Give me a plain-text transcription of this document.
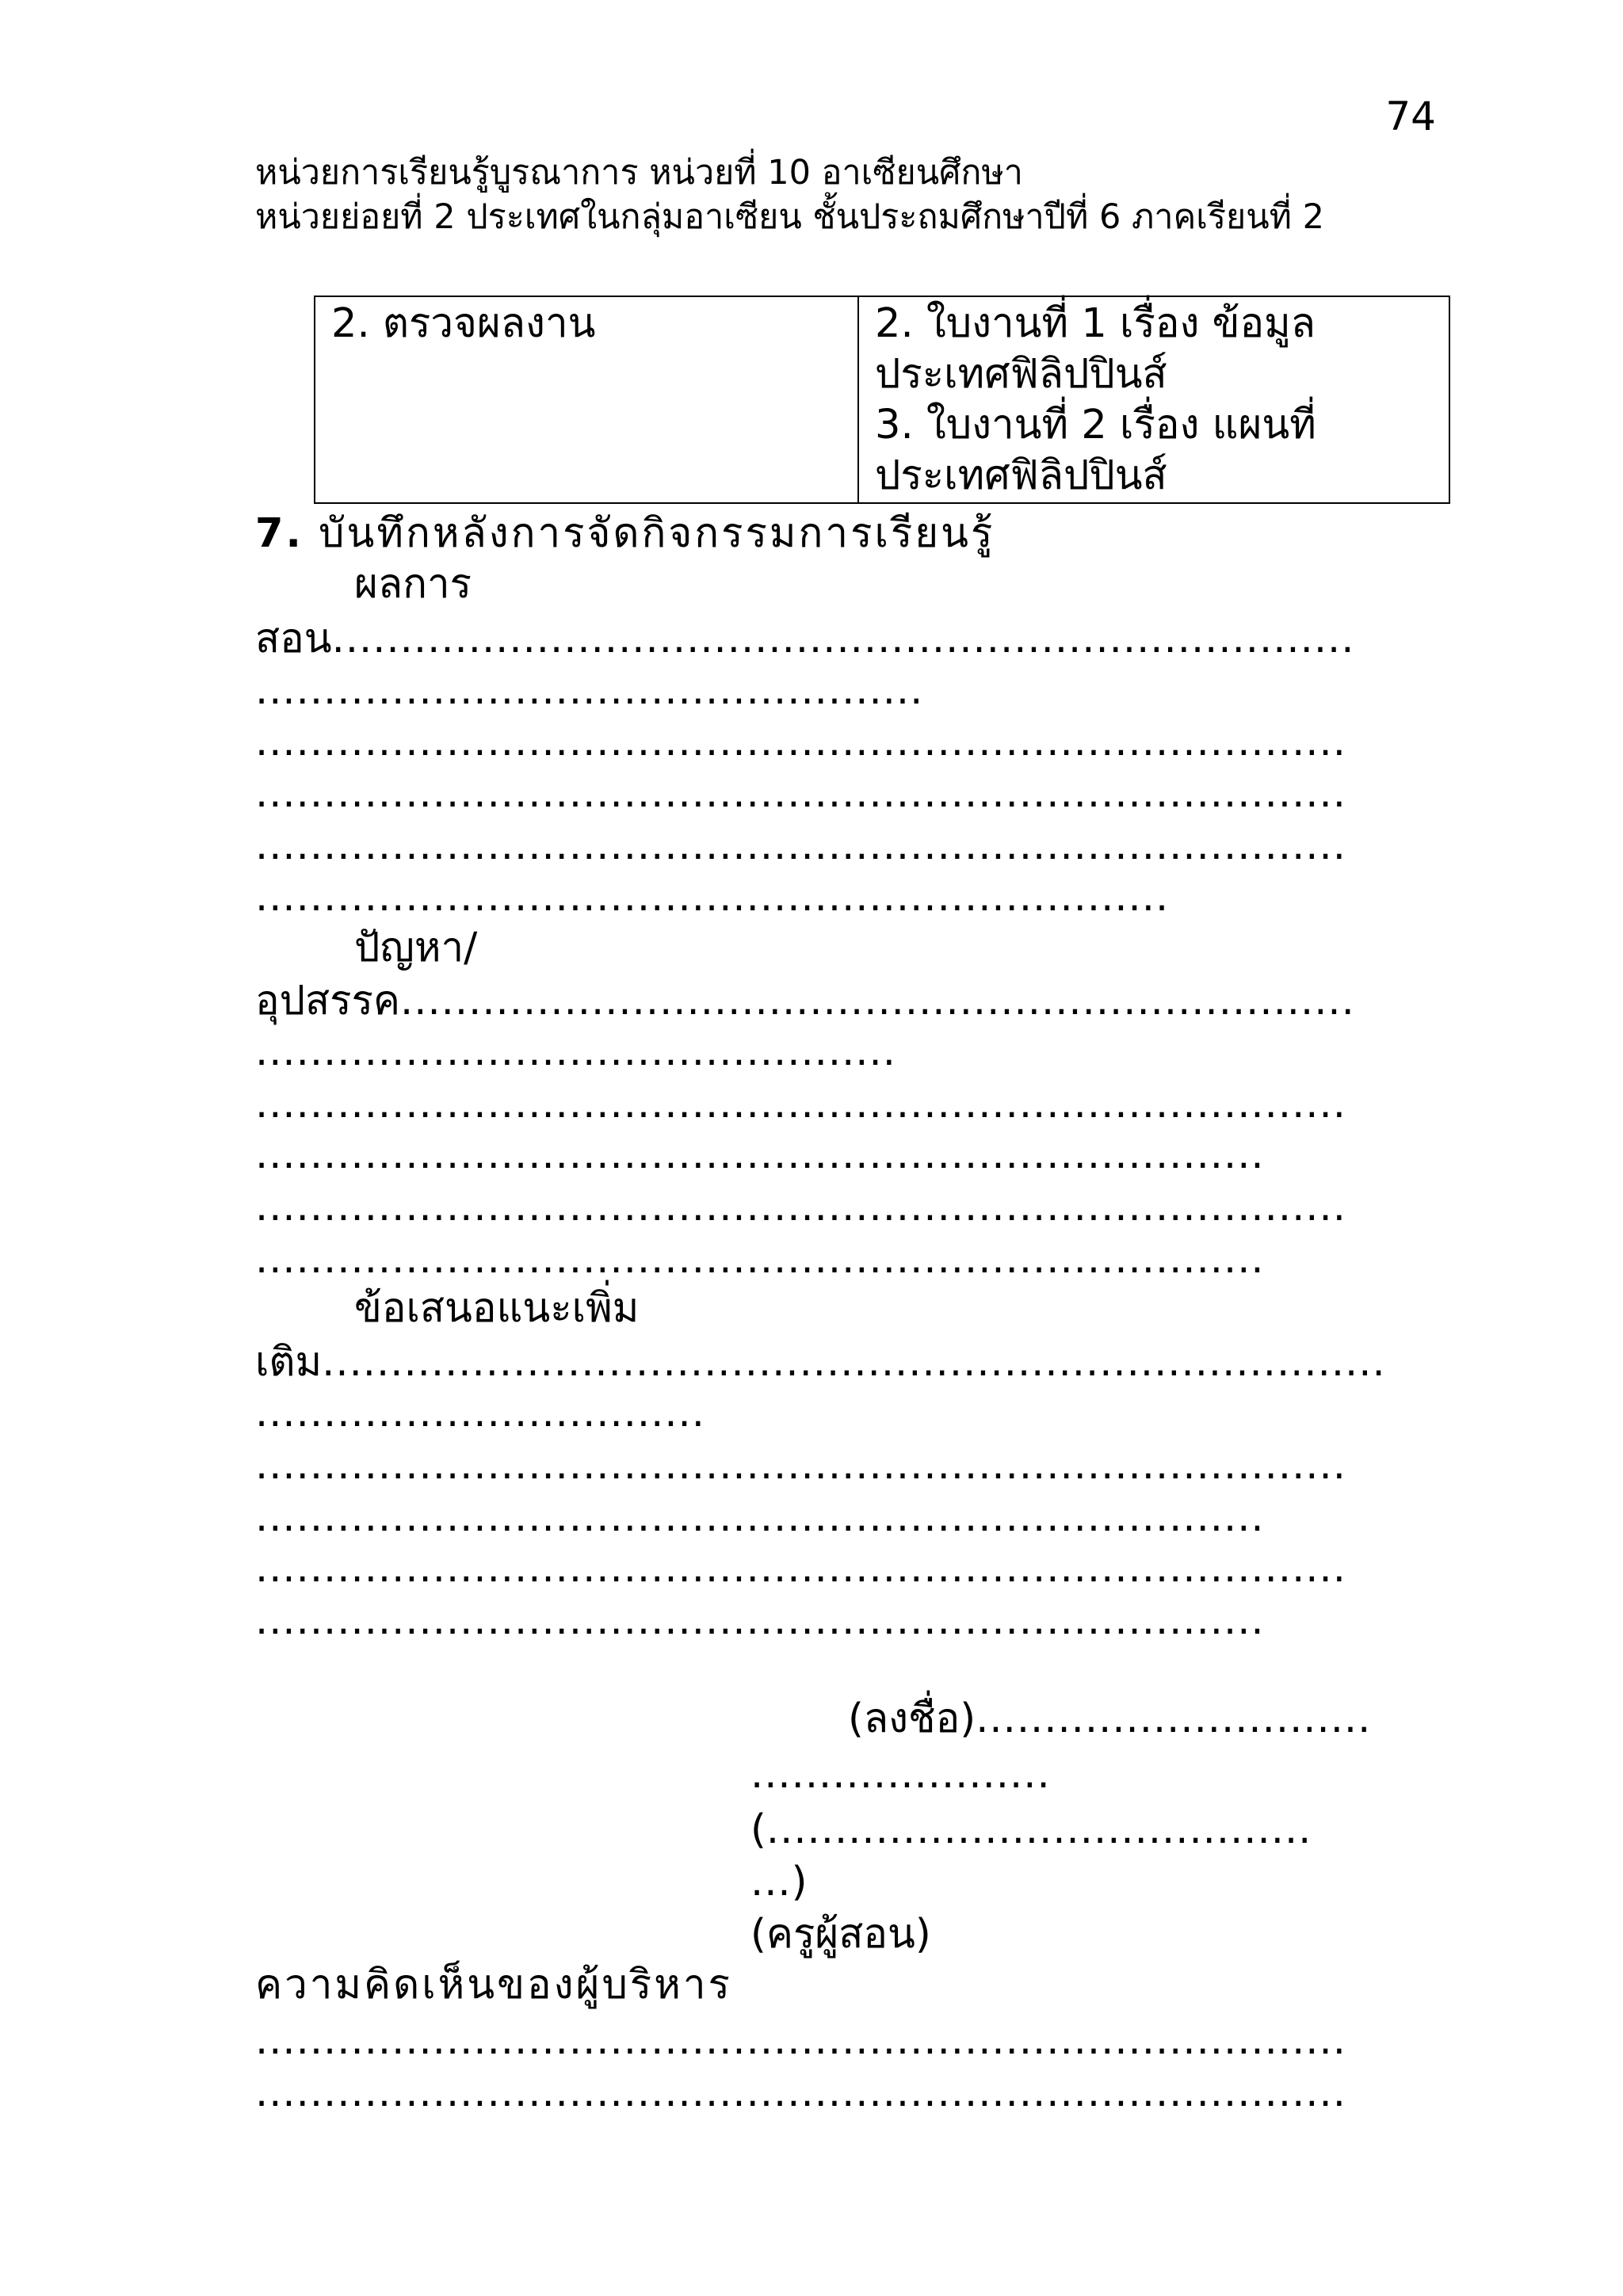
74
หน่วยการเรียนรู้บูรณาการ หน่วยที่ 10 อาเซียนศึกษา
หน่วยย่อยที่ 2 ประเทศในกลุ่มอาเซียน ชั้นประถมศึกษาปีที่ 6 ภาคเรียนที่ 2
2. ตรวจผลงาน	2. ใบงานที่ 1 เรื่อง ข้อมูล
ประเทศฟิลิปปินส์
3. ใบงานที่ 2 เรื่อง แผนที่
ประเทศฟิลิปปินส์
7. บันทึกหลังการจัดกิจกรรมการเรียนรู้
ผลการ
สอน...........................................................................
.................................................
................................................................................
................................................................................
................................................................................
...................................................................
ปัญหา/
อุปสรรค......................................................................
...............................................
................................................................................
..........................................................................
................................................................................
..........................................................................
ข้อเสนอแนะเพิ่ม
เติม..............................................................................
.................................
................................................................................
..........................................................................
................................................................................
..........................................................................
(ลงชื่อ).............................
......................
(........................................
...)
(ครูผู้สอน)
ความคิดเห็นของผู้บริหาร
................................................................................
................................................................................
